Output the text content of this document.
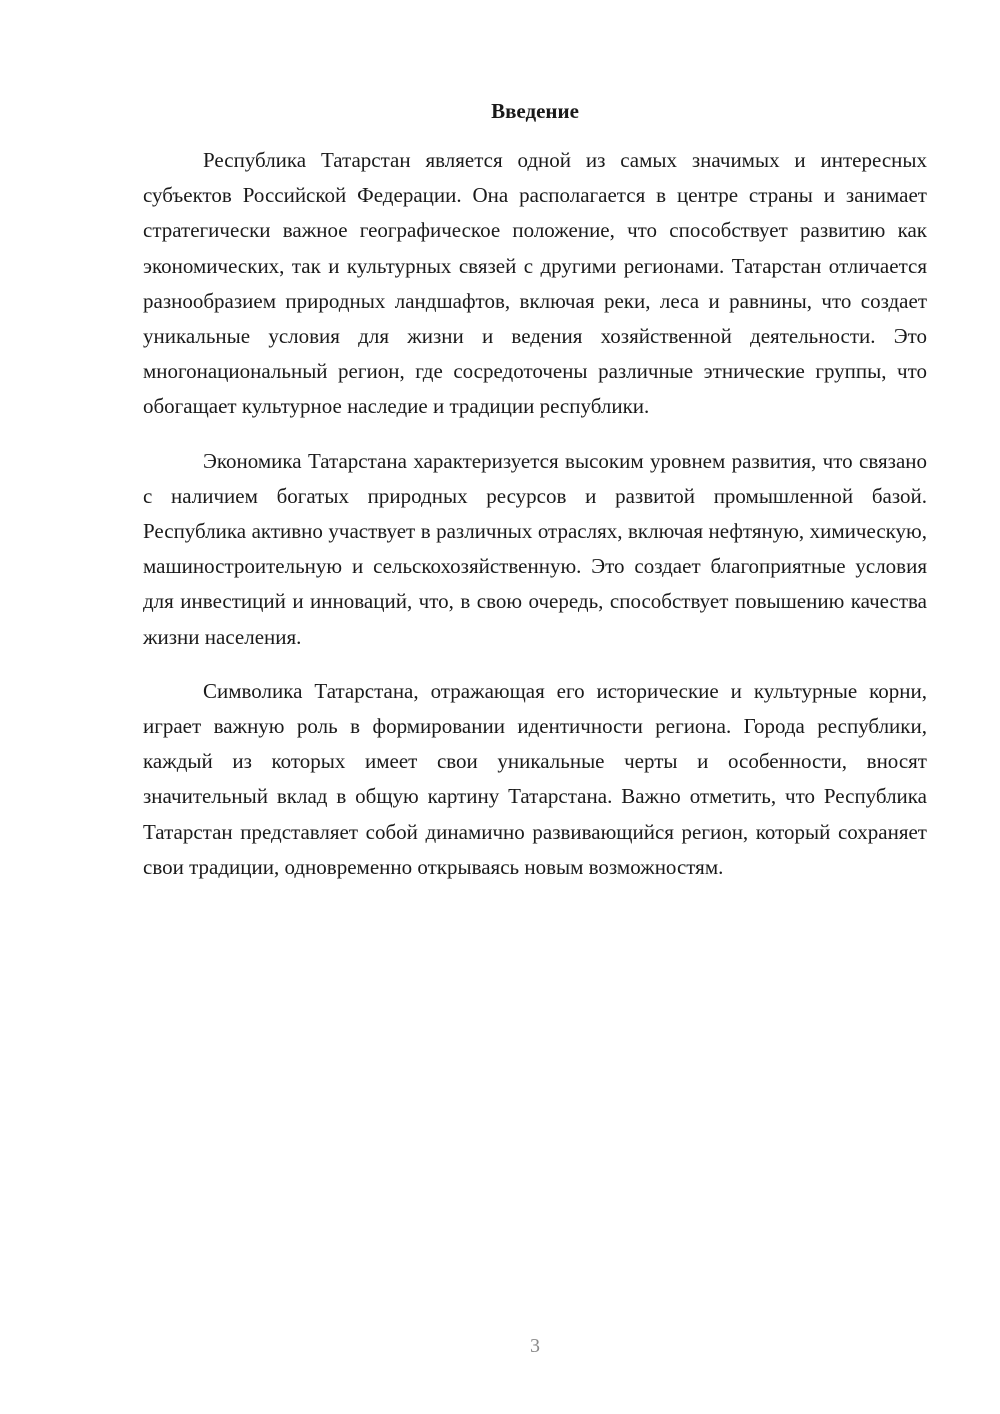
Введение

Республика Татарстан является одной из самых значимых и интересных субъектов Российской Федерации. Она располагается в центре страны и занимает стратегически важное географическое положение, что способствует развитию как экономических, так и культурных связей с другими регионами. Татарстан отличается разнообразием природных ландшафтов, включая реки, леса и равнины, что создает уникальные условия для жизни и ведения хозяйственной деятельности. Это многонациональный регион, где сосредоточены различные этнические группы, что обогащает культурное наследие и традиции республики.

Экономика Татарстана характеризуется высоким уровнем развития, что связано с наличием богатых природных ресурсов и развитой промышленной базой. Республика активно участвует в различных отраслях, включая нефтяную, химическую, машиностроительную и сельскохозяйственную. Это создает благоприятные условия для инвестиций и инноваций, что, в свою очередь, способствует повышению качества жизни населения.

Символика Татарстана, отражающая его исторические и культурные корни, играет важную роль в формировании идентичности региона. Города республики, каждый из которых имеет свои уникальные черты и особенности, вносят значительный вклад в общую картину Татарстана. Важно отметить, что Республика Татарстан представляет собой динамично развивающийся регион, который сохраняет свои традиции, одновременно открываясь новым возможностям.

3
